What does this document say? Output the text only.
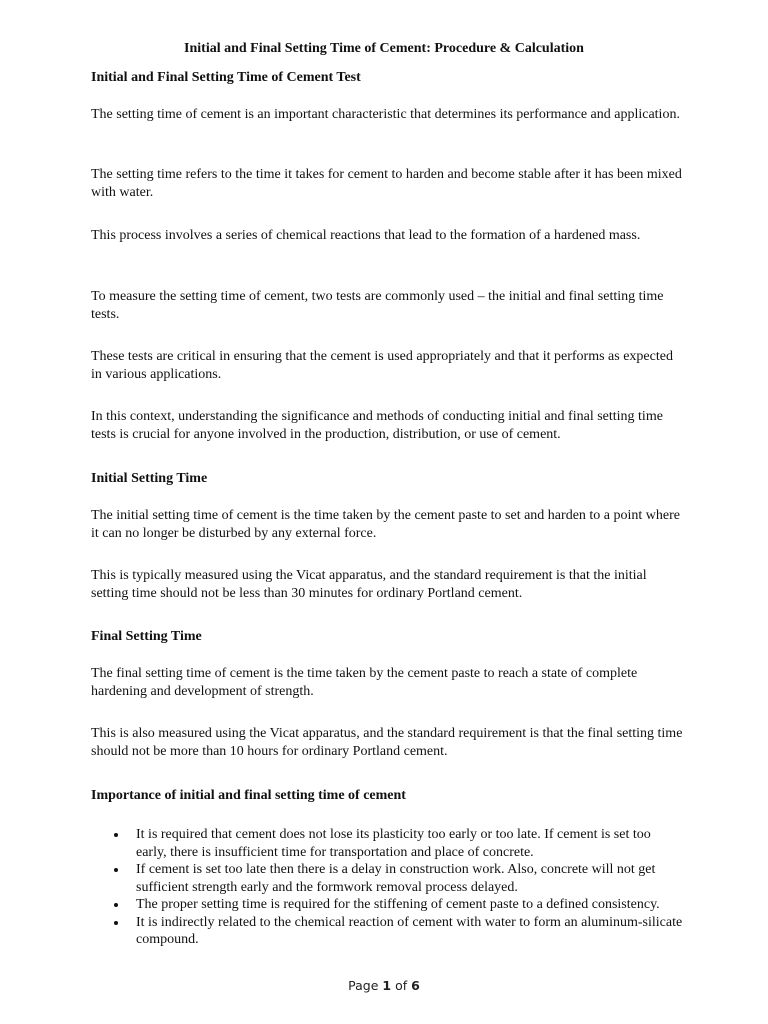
Initial and Final Setting Time of Cement: Procedure & Calculation

Initial and Final Setting Time of Cement Test

The setting time of cement is an important characteristic that determines its performance and application.

The setting time refers to the time it takes for cement to harden and become stable after it has been mixed with water.

This process involves a series of chemical reactions that lead to the formation of a hardened mass.

To measure the setting time of cement, two tests are commonly used – the initial and final setting time tests.

These tests are critical in ensuring that the cement is used appropriately and that it performs as expected in various applications.

In this context, understanding the significance and methods of conducting initial and final setting time tests is crucial for anyone involved in the production, distribution, or use of cement.

Initial Setting Time

The initial setting time of cement is the time taken by the cement paste to set and harden to a point where it can no longer be disturbed by any external force.

This is typically measured using the Vicat apparatus, and the standard requirement is that the initial setting time should not be less than 30 minutes for ordinary Portland cement.

Final Setting Time

The final setting time of cement is the time taken by the cement paste to reach a state of complete hardening and development of strength.

This is also measured using the Vicat apparatus, and the standard requirement is that the final setting time should not be more than 10 hours for ordinary Portland cement.

Importance of initial and final setting time of cement

It is required that cement does not lose its plasticity too early or too late. If cement is set too early, there is insufficient time for transportation and place of concrete.
If cement is set too late then there is a delay in construction work. Also, concrete will not get sufficient strength early and the formwork removal process delayed.
The proper setting time is required for the stiffening of cement paste to a defined consistency.
It is indirectly related to the chemical reaction of cement with water to form an aluminum-silicate compound.
Page 1 of 6
